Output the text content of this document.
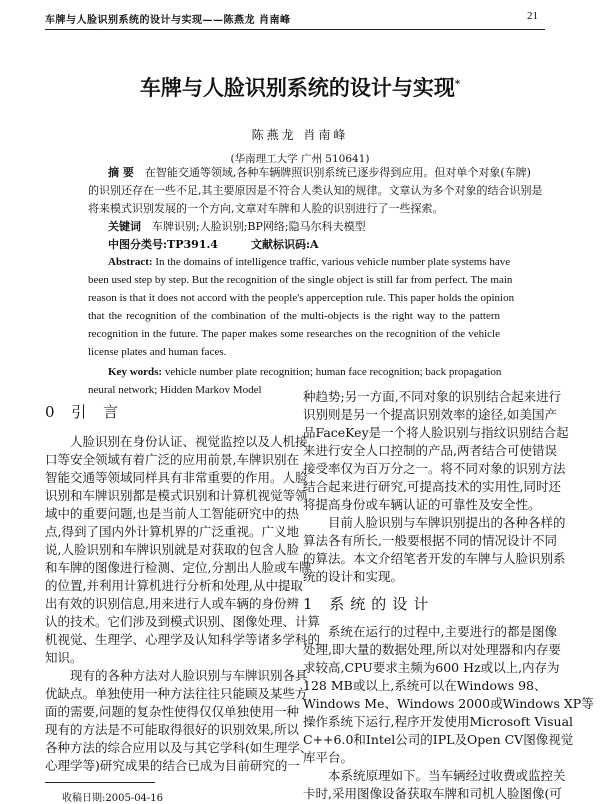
车牌与人脸识别系统的设计与实现——陈燕龙 肖南峰	21
车牌与人脸识别系统的设计与实现*
陈燕龙 肖南峰
(华南理工大学 广州 510641)
摘 要　 在智能交通等领域,各种车辆牌照识别系统已逐步得到应用。但对单个对象(车牌)
的识别还存在一些不足,其主要原因是不符合人类认知的规律。文章认为多个对象的结合识别是
将来模式识别发展的一个方向,文章对车牌和人脸的识别进行了一些探索。
关键词　 车牌识别;人脸识别;BP网络;隐马尔科夫模型
中图分类号:TP391.4　　　	文献标识码:A
Abstract: In the domains of intelligence traffic, various vehicle number plate systems have
been used step by step. But the recognition of the single object is still far from perfect. The main
reason is that it does not accord with the people's apperception rule. This paper holds the opinion
that the recognition of the combination of the multi-objects is the right way to the pattern
recognition in the future. The paper makes some researches on the recognition of the vehicle
license plates and human faces.
Key words: vehicle number plate recognition; human face recognition; back propagation
neural network; Hidden Markov Model
0 引 言
人脸识别在身份认证、视觉监控以及人机接
口等安全领域有着广泛的应用前景,车牌识别在
智能交通等领域同样具有非常重要的作用。人脸
识别和车牌识别都是模式识别和计算机视觉等领
域中的重要问题,也是当前人工智能研究中的热
点,得到了国内外计算机界的广泛重视。广义地
说,人脸识别和车牌识别就是对获取的包含人脸
和车牌的图像进行检测、定位,分割出人脸或车牌
的位置,并利用计算机进行分析和处理,从中提取
出有效的识别信息,用来进行人或车辆的身份辨
认的技术。它们涉及到模式识别、图像处理、计算
机视觉、生理学、心理学及认知科学等诸多学科的
知识。
现有的各种方法对人脸识别与车牌识别各具
优缺点。单独使用一种方法往往只能顾及某些方
面的需要,问题的复杂性使得仅仅单独使用一种
现有的方法是不可能取得很好的识别效果,所以
各种方法的综合应用以及与其它学科(如生理学、
心理学等)研究成果的结合已成为目前研究的一
种趋势;另一方面,不同对象的识别结合起来进行
识别则是另一个提高识别效率的途径,如美国产
品FaceKey是一个将人脸识别与指纹识别结合起
来进行安全人口控制的产品,两者结合可使错误
接受率仅为百万分之一。将不同对象的识别方法
结合起来进行研究,可提高技术的实用性,同时还
将提高身份或车辆认证的可靠性及安全性。
目前人脸识别与车牌识别提出的各种各样的
算法各有所长,一般要根据不同的情况设计不同
的算法。本文介绍笔者开发的车牌与人脸识别系
统的设计和实现。
1 系统的设计
系统在运行的过程中,主要进行的都是图像
处理,即大量的数据处理,所以对处理器和内存要
求较高,CPU要求主频为600 Hz或以上,内存为
128 MB或以上,系统可以在Windows 98、
Windows Me、Windows 2000或Windows XP等
操作系统下运行,程序开发使用Microsoft Visual
C++6.0和Intel公司的IPL及Open CV图像视觉
库平台。
本系统原理如下。当车辆经过收费或监控关
卡时,采用图像设备获取车牌和司机人脸图像(可
收稿日期:2005-04-16
